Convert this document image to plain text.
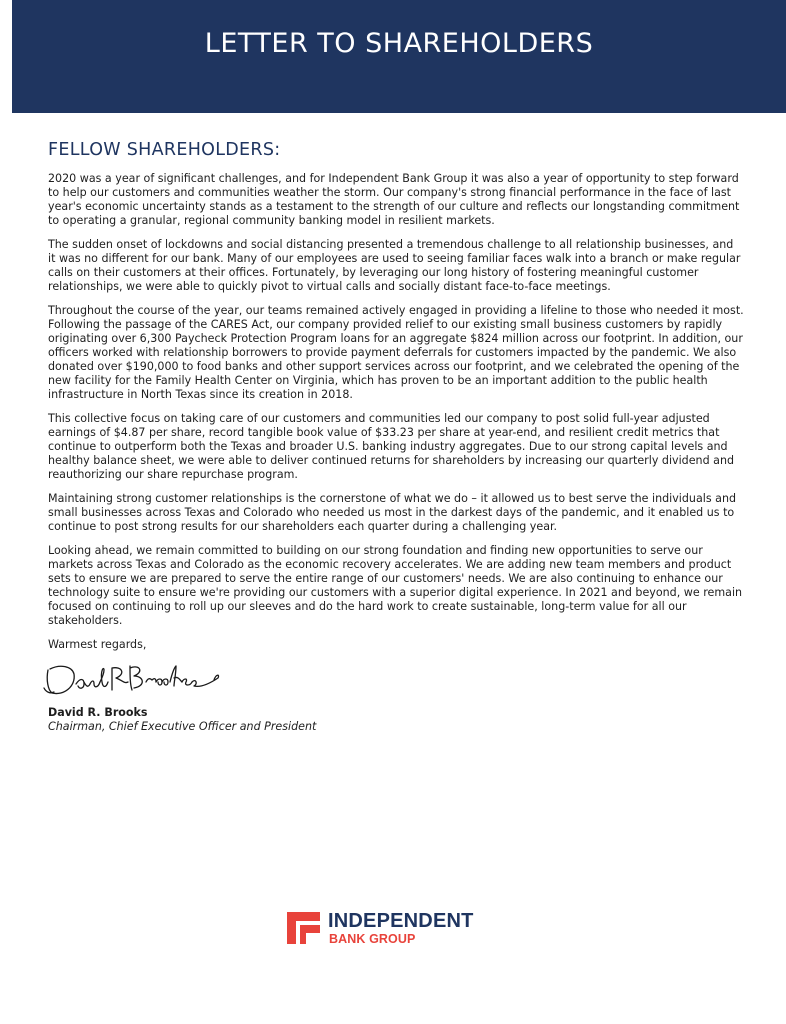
LETTER TO SHAREHOLDERS
FELLOW SHAREHOLDERS:

2020 was a year of significant challenges, and for Independent Bank Group it was also a year of opportunity to step forward to help our customers and communities weather the storm. Our company's strong financial performance in the face of last year's economic uncertainty stands as a testament to the strength of our culture and reflects our longstanding commitment to operating a granular, regional community banking model in resilient markets.

The sudden onset of lockdowns and social distancing presented a tremendous challenge to all relationship businesses, and it was no different for our bank. Many of our employees are used to seeing familiar faces walk into a branch or make regular calls on their customers at their offices. Fortunately, by leveraging our long history of fostering meaningful customer relationships, we were able to quickly pivot to virtual calls and socially distant face-to-face meetings.

Throughout the course of the year, our teams remained actively engaged in providing a lifeline to those who needed it most. Following the passage of the CARES Act, our company provided relief to our existing small business customers by rapidly originating over 6,300 Paycheck Protection Program loans for an aggregate $824 million across our footprint. In addition, our officers worked with relationship borrowers to provide payment deferrals for customers impacted by the pandemic. We also donated over $190,000 to food banks and other support services across our footprint, and we celebrated the opening of the new facility for the Family Health Center on Virginia, which has proven to be an important addition to the public health infrastructure in North Texas since its creation in 2018.

This collective focus on taking care of our customers and communities led our company to post solid full-year adjusted earnings of $4.87 per share, record tangible book value of $33.23 per share at year-end, and resilient credit metrics that continue to outperform both the Texas and broader U.S. banking industry aggregates. Due to our strong capital levels and healthy balance sheet, we were able to deliver continued returns for shareholders by increasing our quarterly dividend and reauthorizing our share repurchase program.

Maintaining strong customer relationships is the cornerstone of what we do – it allowed us to best serve the individuals and small businesses across Texas and Colorado who needed us most in the darkest days of the pandemic, and it enabled us to continue to post strong results for our shareholders each quarter during a challenging year.

Looking ahead, we remain committed to building on our strong foundation and finding new opportunities to serve our markets across Texas and Colorado as the economic recovery accelerates. We are adding new team members and product sets to ensure we are prepared to serve the entire range of our customers' needs. We are also continuing to enhance our technology suite to ensure we're providing our customers with a superior digital experience. In 2021 and beyond, we remain focused on continuing to roll up our sleeves and do the hard work to create sustainable, long-term value for all our stakeholders.

Warmest regards,
David R. Brooks
Chairman, Chief Executive Officer and President
INDEPENDENT
BANK GROUP
